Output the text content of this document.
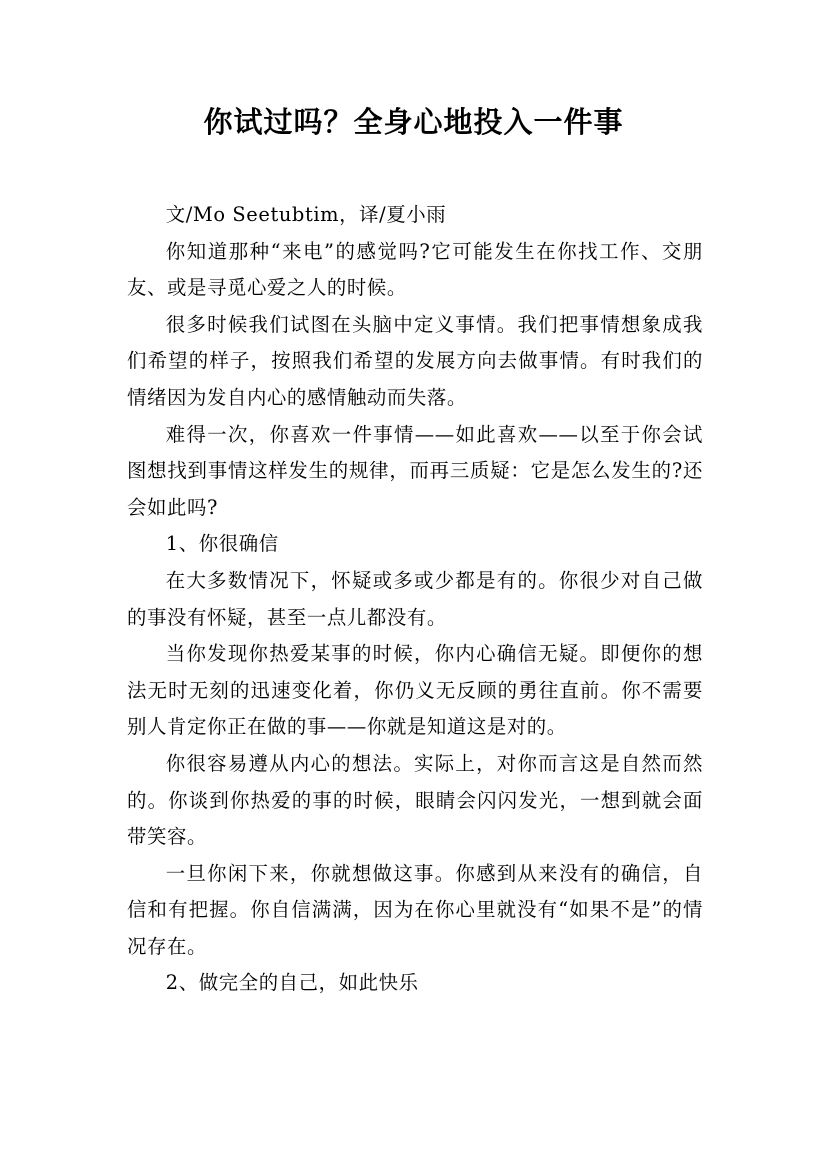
你试过吗？全身心地投入一件事

文/Mo Seetubtim，译/夏小雨

你知道那种“来电”的感觉吗?它可能发生在你找工作、交朋友、或是寻觅心爱之人的时候。

很多时候我们试图在头脑中定义事情。我们把事情想象成我们希望的样子，按照我们希望的发展方向去做事情。有时我们的情绪因为发自内心的感情触动而失落。

难得一次，你喜欢一件事情——如此喜欢——以至于你会试图想找到事情这样发生的规律，而再三质疑：它是怎么发生的?还会如此吗?

1、你很确信

在大多数情况下，怀疑或多或少都是有的。你很少对自己做的事没有怀疑，甚至一点儿都没有。

当你发现你热爱某事的时候，你内心确信无疑。即便你的想法无时无刻的迅速变化着，你仍义无反顾的勇往直前。你不需要别人肯定你正在做的事——你就是知道这是对的。

你很容易遵从内心的想法。实际上，对你而言这是自然而然的。你谈到你热爱的事的时候，眼睛会闪闪发光，一想到就会面带笑容。

一旦你闲下来，你就想做这事。你感到从来没有的确信，自信和有把握。你自信满满，因为在你心里就没有“如果不是”的情况存在。

2、做完全的自己，如此快乐
